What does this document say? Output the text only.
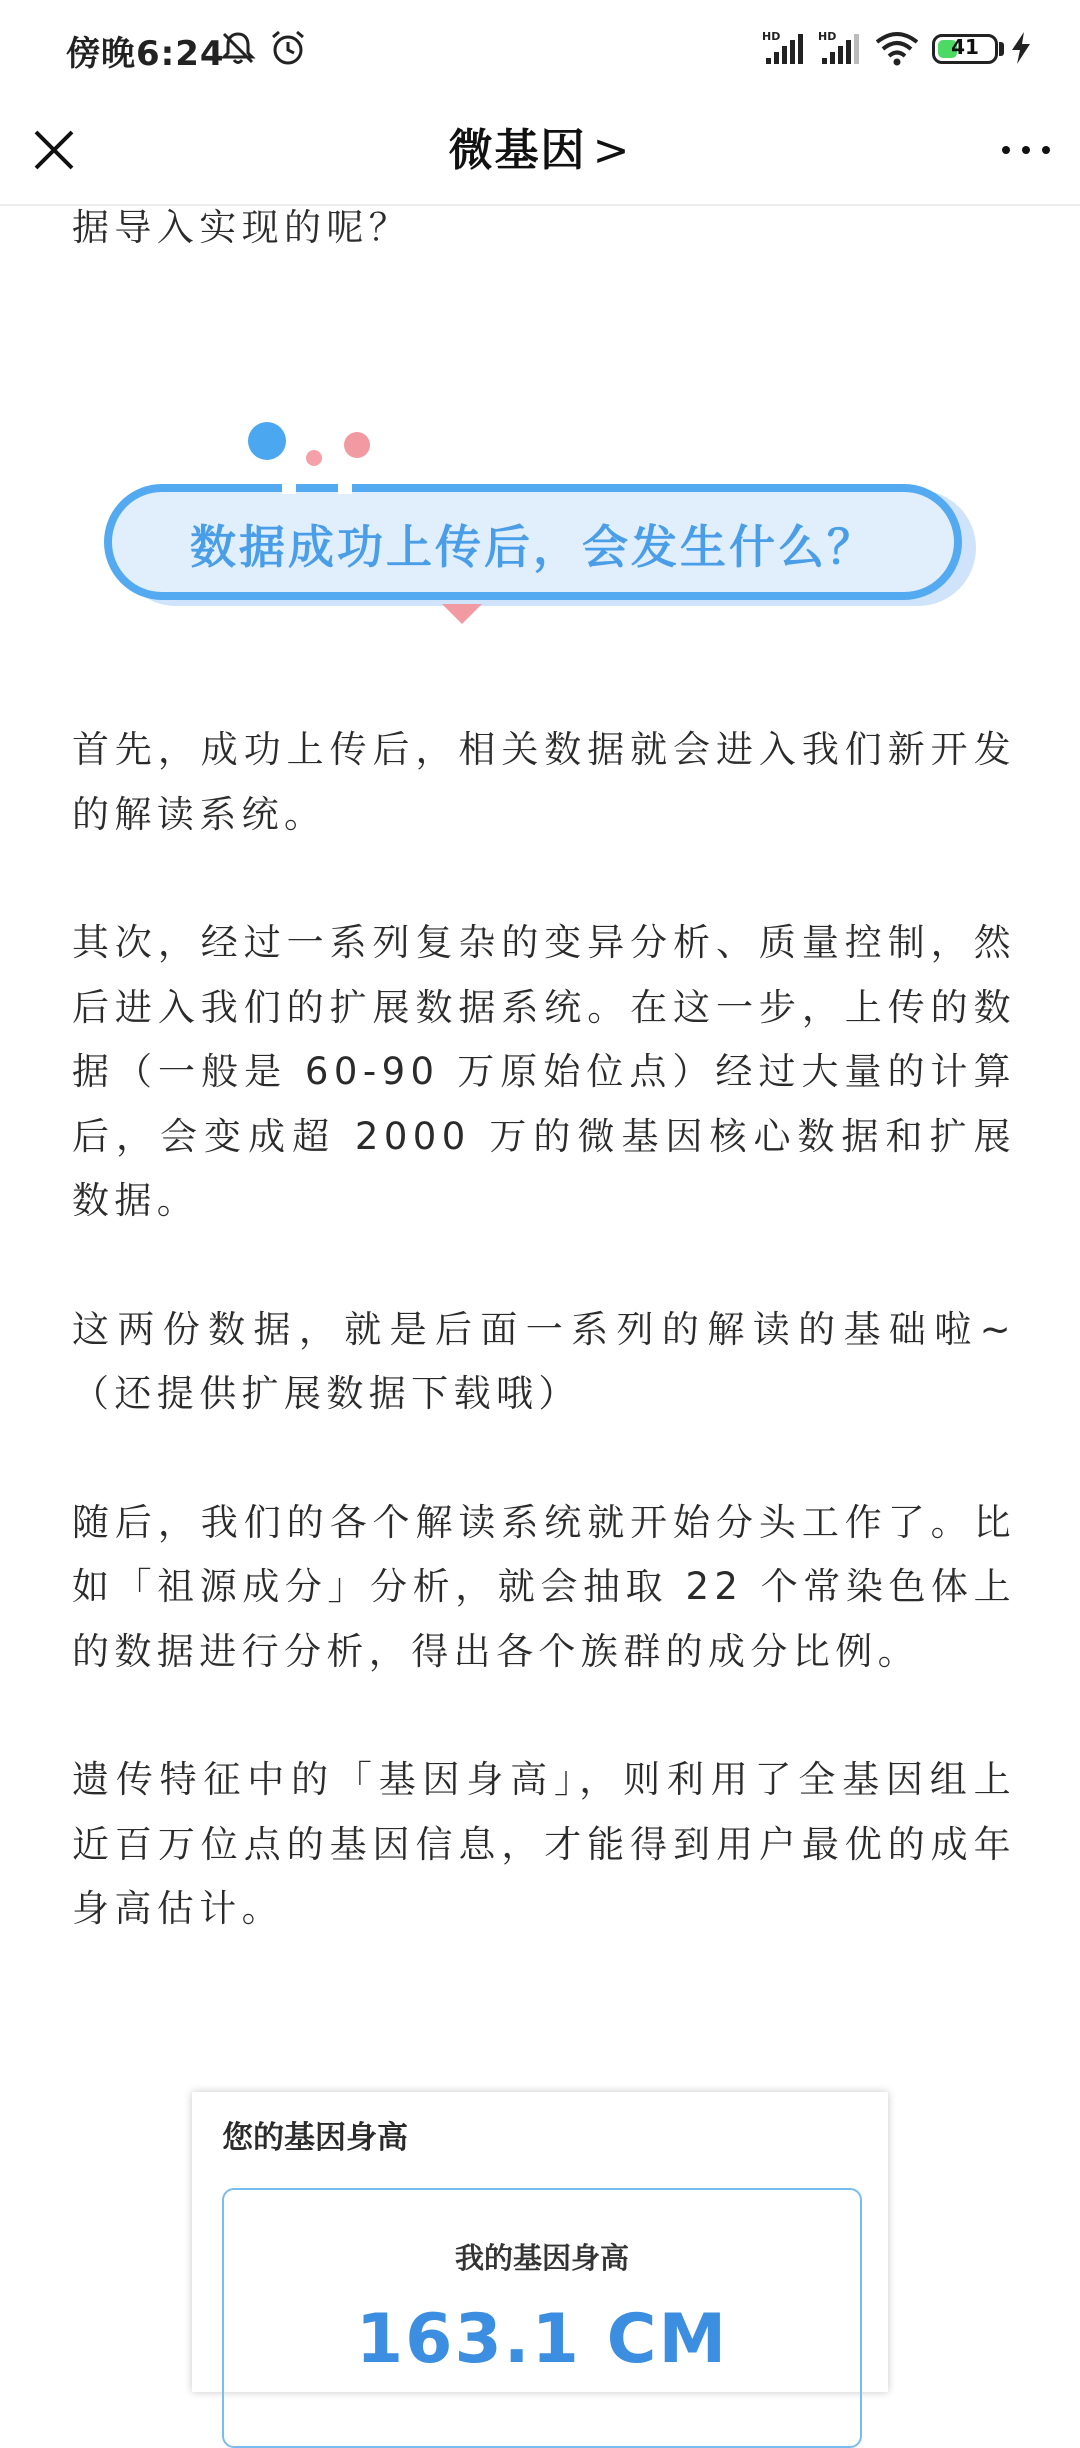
傍晚6:24	HD	HD	41
微基因 >

据导入实现的呢？

数据成功上传后，会发生什么？

首先，成功上传后，相关数据就会进入我们新开发的解读系统。

其次，经过一系列复杂的变异分析、质量控制，然后进入我们的扩展数据系统。在这一步，上传的数据（一般是 60-90 万原始位点）经过大量的计算后，会变成超 2000 万的微基因核心数据和扩展数据。

这两份数据，就是后面一系列的解读的基础啦~（还提供扩展数据下载哦）

随后，我们的各个解读系统就开始分头工作了。比如「祖源成分」分析，就会抽取 22 个常染色体上的数据进行分析，得出各个族群的成分比例。

遗传特征中的「基因身高」，则利用了全基因组上近百万位点的基因信息，才能得到用户最优的成年身高估计。

您的基因身高
我的基因身高
163.1 CM
